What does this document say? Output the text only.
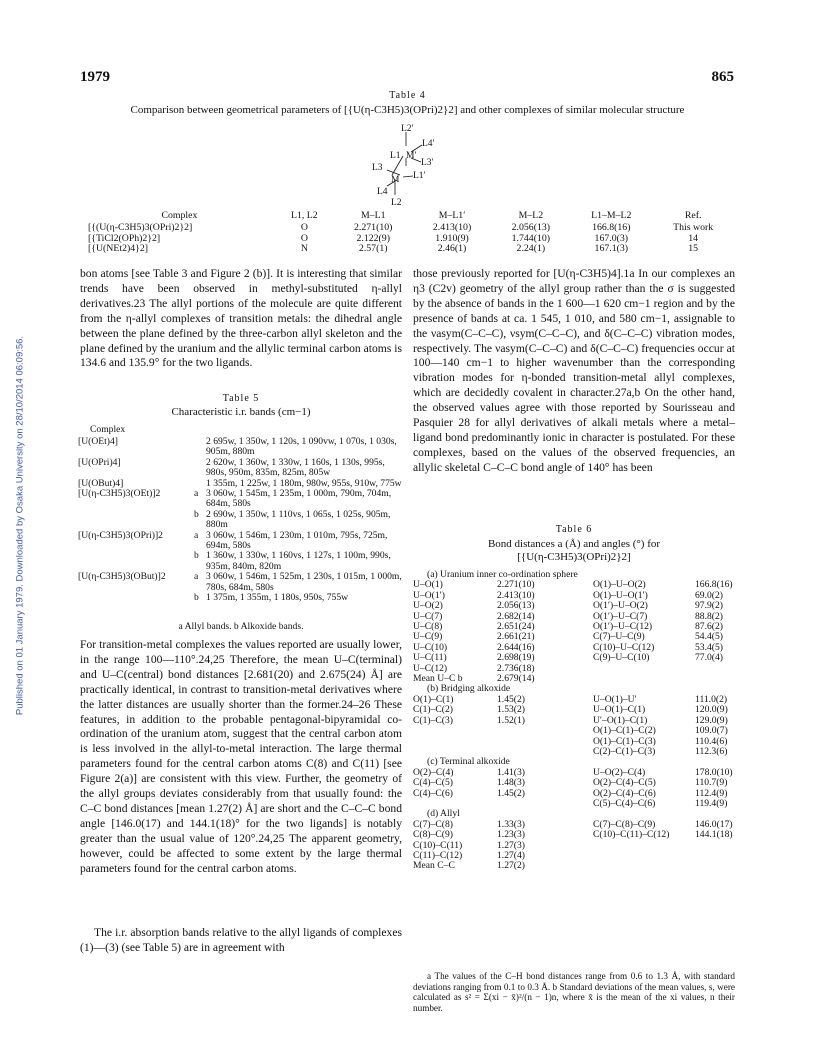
Published on 01 January 1979. Downloaded by Osaka University on 28/10/2014 06:09:56.
1979	865
Table 4
Comparison between geometrical parameters of [{U(η-C3H5)3(OPri)2}2] and other complexes of similar molecular structure
L2′
L4′
L1 M′
L3′
L3
M L1′
L4
L2
Complex	L1, L2	M–L1	M–L1′	M–L2	L1–M–L2	Ref.
[{(U(η-C3H5)3(OPri)2}2]	O	2.271(10)	2.413(10)	2.056(13)	166.8(16)	This work
[{TiCl2(OPh)2}2]	O	2.122(9)	1.910(9)	1.744(10)	167.0(3)	14
[{U(NEt2)4}2]	N	2.57(1)	2.46(1)	2.24(1)	167.1(3)	15

bon atoms [see Table 3 and Figure 2 (b)]. It is interesting that similar trends have been observed in methyl-substituted η-allyl derivatives.23 The allyl portions of the molecule are quite different from the η-allyl complexes of transition metals: the dihedral angle between the plane defined by the three-carbon allyl skeleton and the plane defined by the uranium and the allylic terminal carbon atoms is 134.6 and 135.9° for the two ligands.

Table 5
Characteristic i.r. bands (cm−1)
Complex
[U(OEt)4]		2 695w, 1 350w, 1 120s, 1 090vw, 1 070s, 1 030s, 905m, 880m
[U(OPri)4]		2 620w, 1 360w, 1 330w, 1 160s, 1 130s, 995s, 980s, 950m, 835m, 825m, 805w
[U(OBut)4]		1 355m, 1 225w, 1 180m, 980w, 955s, 910w, 775w
[U(η-C3H5)3(OEt)]2	a	3 060w, 1 545m, 1 235m, 1 000m, 790m, 704m, 684m, 580s
	b	2 690w, 1 350w, 1 110vs, 1 065s, 1 025s, 905m, 880m
[U(η-C3H5)3(OPri)]2	a	3 060w, 1 546m, 1 230m, 1 010m, 795s, 725m, 694m, 580s
	b	1 360w, 1 330w, 1 160vs, 1 127s, 1 100m, 990s, 935m, 840m, 820m
[U(η-C3H5)3(OBut)]2	a	3 060w, 1 546m, 1 525m, 1 230s, 1 015m, 1 000m, 780s, 684m, 580s
	b	1 375m, 1 355m, 1 180s, 950s, 755w
a Allyl bands. b Alkoxide bands.

For transition-metal complexes the values reported are usually lower, in the range 100—110°.24,25 Therefore, the mean U–C(terminal) and U–C(central) bond distances [2.681(20) and 2.675(24) Å] are practically identical, in contrast to transition-metal derivatives where the latter distances are usually shorter than the former.24–26 These features, in addition to the probable pentagonal-bipyramidal co-ordination of the uranium atom, suggest that the central carbon atom is less involved in the allyl-to-metal interaction. The large thermal parameters found for the central carbon atoms C(8) and C(11) [see Figure 2(a)] are consistent with this view. Further, the geometry of the allyl groups deviates considerably from that usually found: the C–C bond distances [mean 1.27(2) Å] are short and the C–C–C bond angle [146.0(17) and 144.1(18)° for the two ligands] is notably greater than the usual value of 120°.24,25 The apparent geometry, however, could be affected to some extent by the large thermal parameters found for the central carbon atoms.

The i.r. absorption bands relative to the allyl ligands of complexes (1)—(3) (see Table 5) are in agreement with

those previously reported for [U(η-C3H5)4].1a In our complexes an η3 (C2v) geometry of the allyl group rather than the σ is suggested by the absence of bands in the 1 600—1 620 cm−1 region and by the presence of bands at ca. 1 545, 1 010, and 580 cm−1, assignable to the νasym(C–C–C), νsym(C–C–C), and δ(C–C–C) vibration modes, respectively. The νasym(C–C–C) and δ(C–C–C) frequencies occur at 100—140 cm−1 to higher wavenumber than the corresponding vibration modes for η-bonded transition-metal allyl complexes, which are decidedly covalent in character.27a,b On the other hand, the observed values agree with those reported by Sourisseau and Pasquier 28 for allyl derivatives of alkali metals where a metal–ligand bond predominantly ionic in character is postulated. For these complexes, based on the values of the observed frequencies, an allylic skeletal C–C–C bond angle of 140° has been

Table 6
Bond distances a (Å) and angles (°) for
[{U(η-C3H5)3(OPri)2}2]
(a) Uranium inner co-ordination sphere			
U–O(1)	2.271(10)	O(1)–U–O(2)	166.8(16)
U–O(1′)	2.413(10)	O(1)–U–O(1′)	69.0(2)
U–O(2)	2.056(13)	O(1′)–U–O(2)	97.9(2)
U–C(7)	2.682(14)	O(1′)–U–C(7)	88.8(2)
U–C(8)	2.651(24)	O(1′)–U–C(12)	87.6(2)
U–C(9)	2.661(21)	C(7)–U–C(9)	54.4(5)
U–C(10)	2.644(16)	C(10)–U–C(12)	53.4(5)
U–C(11)	2.698(19)	C(9)–U–C(10)	77.0(4)
U–C(12)	2.736(18)		
Mean U–C b	2.679(14)		
(b) Bridging alkoxide			
O(1)–C(1)	1.45(2)	U–O(1)–U′	111.0(2)
C(1)–C(2)	1.53(2)	U–O(1)–C(1)	120.0(9)
C(1)–C(3)	1.52(1)	U′–O(1)–C(1)	129.0(9)
		O(1)–C(1)–C(2)	109.0(7)
		O(1)–C(1)–C(3)	110.4(6)
		C(2)–C(1)–C(3)	112.3(6)
(c) Terminal alkoxide			
O(2)–C(4)	1.41(3)	U–O(2)–C(4)	178.0(10)
C(4)–C(5)	1.48(3)	O(2)–C(4)–C(5)	110.7(9)
C(4)–C(6)	1.45(2)	O(2)–C(4)–C(6)	112.4(9)
		C(5)–C(4)–C(6)	119.4(9)
(d) Allyl			
C(7)–C(8)	1.33(3)	C(7)–C(8)–C(9)	146.0(17)
C(8)–C(9)	1.23(3)	C(10)–C(11)–C(12)	144.1(18)
C(10)–C(11)	1.27(3)		
C(11)–C(12)	1.27(4)		
Mean C–C	1.27(2)		
a The values of the C–H bond distances range from 0.6 to 1.3 Å, with standard deviations ranging from 0.1 to 0.3 Å. b Standard deviations of the mean values, s, were calculated as s² = Σ(xi − x̄)²/(n − 1)n, where x̄ is the mean of the xi values, n their number.
